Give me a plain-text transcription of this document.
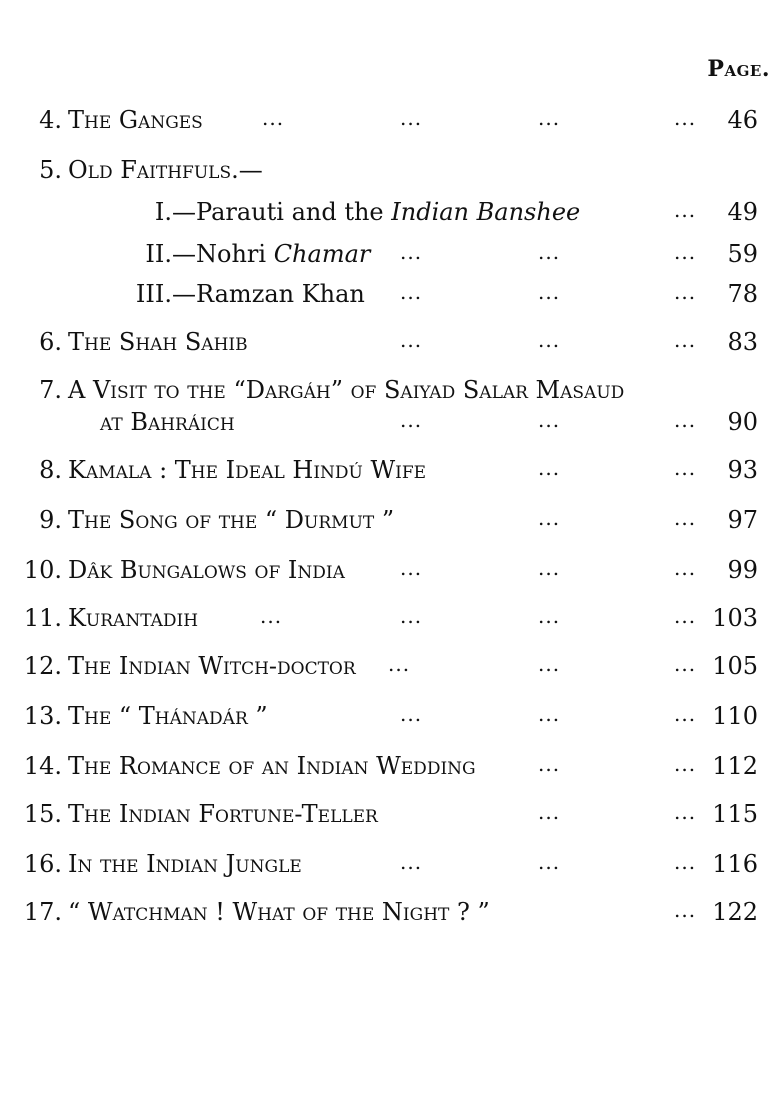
Page.
4. The Ganges	...	...	...	... 46
5. Old Faithfuls.—
I. —Parauti and the Indian Banshee	... 49
II. —Nohri Chamar ...	...	... 59
III. —Ramzan Khan ...	...	... 78
6. The Shah Sahib	...	...	... 83
7. A Visit to the “Dargáh” of Saiyad Salar Masaud
at Bahráich	...	...	... 90
8. Kamala : The Ideal Hindú Wife	...	... 93
9. The Song of the “ Durmut ”	...	... 97
10. Dâk Bungalows of India	...	...	... 99
11. Kurantadih	...	...	...	... 103
12. The Indian Witch-doctor ...	...	... 105
13. The “ Thánadár ”	...	...	... 110
14. The Romance of an Indian Wedding	...	... 112
15. The Indian Fortune-Teller	...	... 115
16. In the Indian Jungle	...	...	... 116
17. “ Watchman ! What of the Night ? ”	... 122
